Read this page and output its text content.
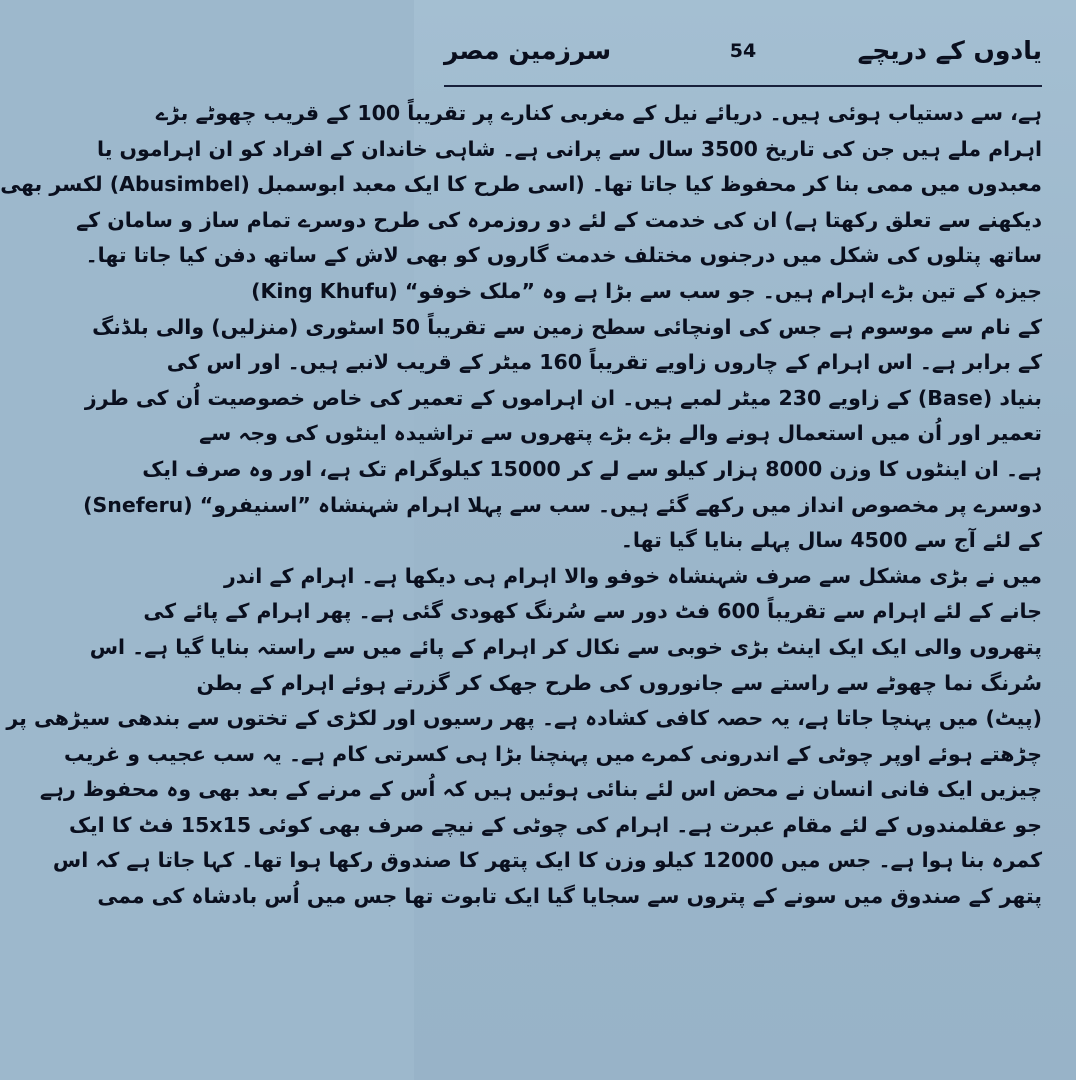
یادوں کے دریچے
54
سرزمین مصر
ہے، سے دستیاب ہوئی ہیں۔ دریائے نیل کے مغربی کنارے پر تقریباً 100 کے قریب چھوٹے بڑے
اہرام ملے ہیں جن کی تاریخ 3500 سال سے پرانی ہے۔ شاہی خاندان کے افراد کو ان اہراموں یا
معبدوں میں ممی بنا کر محفوظ کیا جاتا تھا۔ (اسی طرح کا ایک معبد ابوسمبل (Abusimbel) لکسر بھی
دیکھنے سے تعلق رکھتا ہے) ان کی خدمت کے لئے دو روزمرہ کی طرح دوسرے تمام ساز و سامان کے
ساتھ پتلوں کی شکل میں درجنوں مختلف خدمت گاروں کو بھی لاش کے ساتھ دفن کیا جاتا تھا۔
جیزہ کے تین بڑے اہرام ہیں۔ جو سب سے بڑا ہے وہ ”ملک خوفو“ (King Khufu)
کے نام سے موسوم ہے جس کی اونچائی سطح زمین سے تقریباً 50 اسٹوری (منزلیں) والی بلڈنگ
کے برابر ہے۔ اس اہرام کے چاروں زاویے تقریباً 160 میٹر کے قریب لانبے ہیں۔ اور اس کی
بنیاد (Base) کے زاویے 230 میٹر لمبے ہیں۔ ان اہراموں کے تعمیر کی خاص خصوصیت اُن کی طرز
تعمیر اور اُن میں استعمال ہونے والے بڑے بڑے پتھروں سے تراشیدہ اینٹوں کی وجہ سے
ہے۔ ان اینٹوں کا وزن 8000 ہزار کیلو سے لے کر 15000 کیلوگرام تک ہے، اور وہ صرف ایک
دوسرے پر مخصوص انداز میں رکھے گئے ہیں۔ سب سے پہلا اہرام شہنشاہ ”اسنیفرو“ (Sneferu)
کے لئے آج سے 4500 سال پہلے بنایا گیا تھا۔
میں نے بڑی مشکل سے صرف شہنشاہ خوفو والا اہرام ہی دیکھا ہے۔ اہرام کے اندر
جانے کے لئے اہرام سے تقریباً 600 فٹ دور سے سُرنگ کھودی گئی ہے۔ پھر اہرام کے پائے کی
پتھروں والی ایک ایک اینٹ بڑی خوبی سے نکال کر اہرام کے پائے میں سے راستہ بنایا گیا ہے۔ اس
سُرنگ نما چھوٹے سے راستے سے جانوروں کی طرح جھک کر گزرتے ہوئے اہرام کے بطن
(پیٹ) میں پہنچا جاتا ہے، یہ حصہ کافی کشادہ ہے۔ پھر رسیوں اور لکڑی کے تختوں سے بندھی سیڑھی پر
چڑھتے ہوئے اوپر چوٹی کے اندرونی کمرے میں پہنچنا بڑا ہی کسرتی کام ہے۔ یہ سب عجیب و غریب
چیزیں ایک فانی انسان نے محض اس لئے بنائی ہوئیں ہیں کہ اُس کے مرنے کے بعد بھی وہ محفوظ رہے
جو عقلمندوں کے لئے مقام عبرت ہے۔ اہرام کی چوٹی کے نیچے صرف بھی کوئی 15x15 فٹ کا ایک
کمرہ بنا ہوا ہے۔ جس میں 12000 کیلو وزن کا ایک پتھر کا صندوق رکھا ہوا تھا۔ کہا جاتا ہے کہ اس
پتھر کے صندوق میں سونے کے پتروں سے سجایا گیا ایک تابوت تھا جس میں اُس بادشاہ کی ممی
